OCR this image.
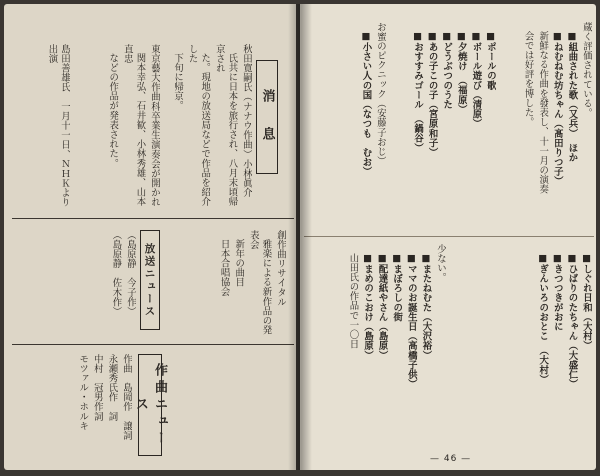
消　息

秋田寛嗣氏（ナナウ作曲）小林眞介

氏共に日本を旅行され、八月末頃帰京され

た。現地の放送局などで作品を紹介した

下旬に帰京。

東京藝大作曲科卒業生演奏会が開かれ

関本幸弘、石井歓、小林秀雄、山本直忠

などの作品が発表された。

島田善雄氏　一月十一日、ＮＨＫより出演

放送ニュース

（島原静　今子作）

（島原静　佐木作）	創作曲リサイタル

雅楽による新作品の発表会

新年の曲目

日本合唱協会

作曲ニュース

作曲　島岡作　譲詞

永瀬秀氏作　詞

中村　冠男作詞

モツァル・ホルキ

蔵く評価されている。

■組曲された歌（又兵）　ほか

■ねむねむ坊ちゃん（髙田りつ子）

新鮮なる作曲を發表し、十一月の演奏

会では好評を博した。

■ポールの歌

■ボール遊び（清原）

■夕焼け　（福原）

■どうぶつのうた

■あの子この子（宮原和子）

■おすすみゴール　（鍋谷）

お蜜のピクニック（安藤子おじ）

■小さい人の国（なつも　むお）

■しぐれ日和（大村）

■ひばりのたちゃん（大盛仁）

■きつつきがおに

■ぎんいろのおとこ　（大村）

少ない。

■またねむた（大沢裕）

■ママのお誕生日（高橋子供）

■まぼろしの街

■配達紙やさん（島原）

■まめのこおけ（島原）

山田氏の作品で一〇日

— 46 —
